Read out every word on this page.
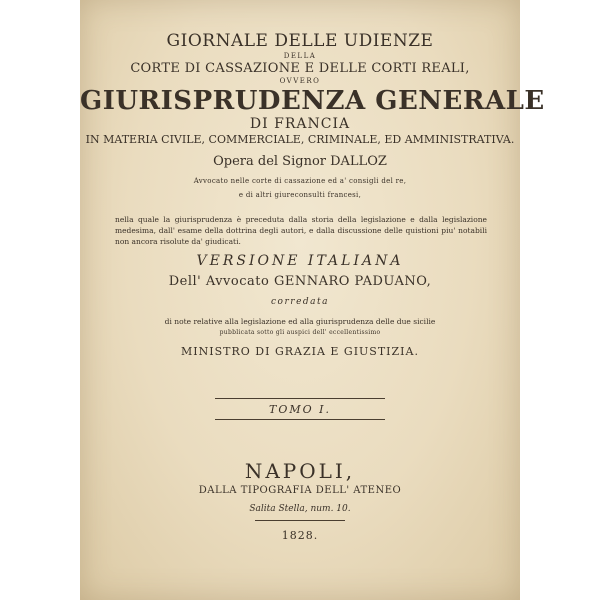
GIORNALE DELLE UDIENZE
DELLA
CORTE DI CASSAZIONE E DELLE CORTI REALI,
OVVERO
GIURISPRUDENZA GENERALE
DI FRANCIA
IN MATERIA CIVILE, COMMERCIALE, CRIMINALE, ED AMMINISTRATIVA.
Opera del Signor DALLOZ
Avvocato nelle corte di cassazione ed a' consigli del re,
e di altri giureconsulti francesi,
nella quale la giurisprudenza è preceduta dalla storia della legislazione e dalla legislazione medesima, dall' esame della dottrina degli autori, e dalla discussione delle quistioni piu' notabili non ancora risolute da' giudicati.
VERSIONE ITALIANA
Dell' Avvocato GENNARO PADUANO,
corredata
di note relative alla legislazione ed alla giurisprudenza delle due sicilie
pubblicata sotto gli auspici dell' eccellentissimo
MINISTRO DI GRAZIA E GIUSTIZIA.
TOMO I.
NAPOLI,
DALLA TIPOGRAFIA DELL' ATENEO
Salita Stella, num. 10.
1828.
